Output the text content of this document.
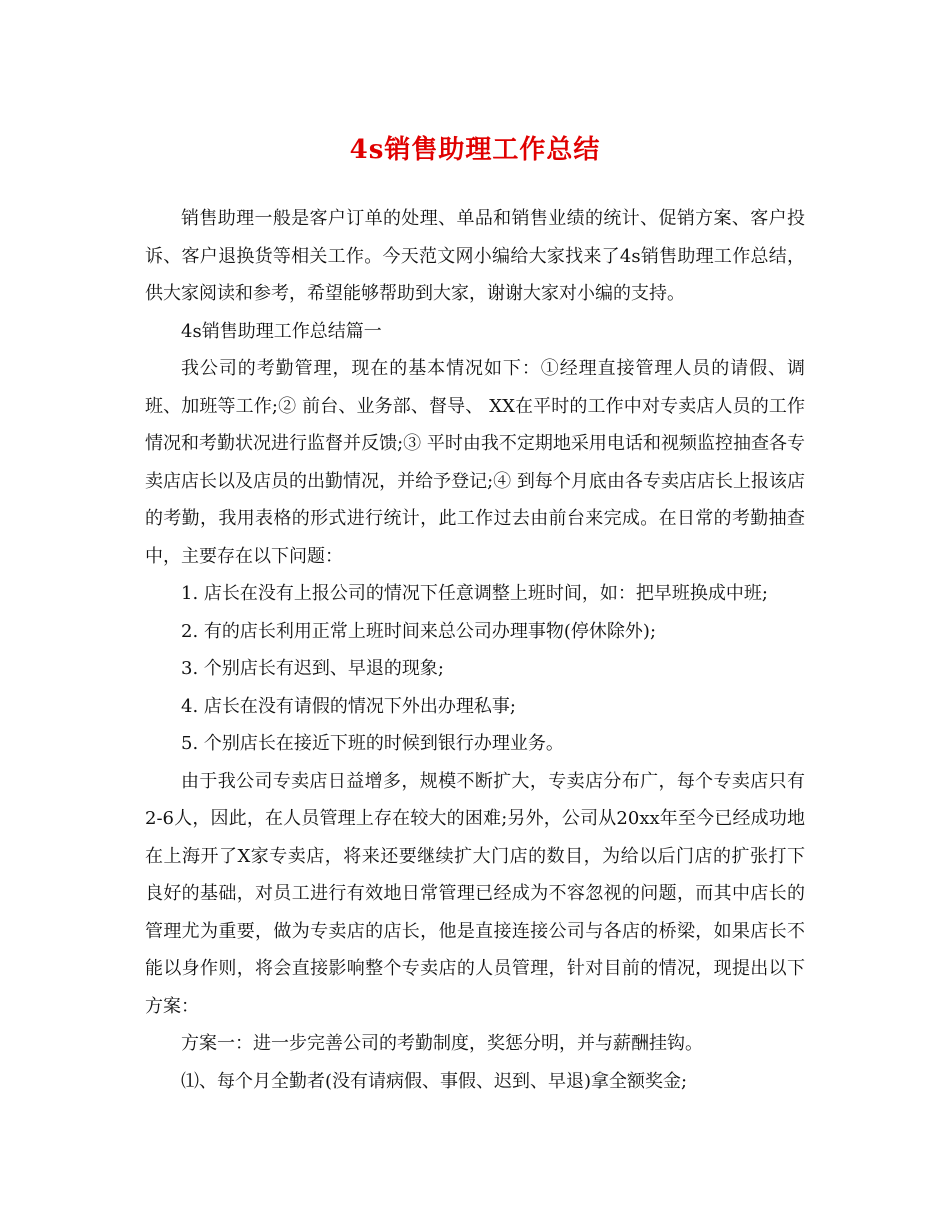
4s销售助理工作总结

销售助理一般是客户订单的处理、单品和销售业绩的统计、促销方案、客户投诉、客户退换货等相关工作。今天范文网小编给大家找来了4s销售助理工作总结，供大家阅读和参考，希望能够帮助到大家，谢谢大家对小编的支持。

4s销售助理工作总结篇一

我公司的考勤管理，现在的基本情况如下：①经理直接管理人员的请假、调班、加班等工作;② 前台、业务部、督导、 XX在平时的工作中对专卖店人员的工作情况和考勤状况进行监督并反馈;③ 平时由我不定期地采用电话和视频监控抽查各专卖店店长以及店员的出勤情况，并给予登记;④ 到每个月底由各专卖店店长上报该店的考勤，我用表格的形式进行统计，此工作过去由前台来完成。在日常的考勤抽查中，主要存在以下问题：

1. 店长在没有上报公司的情况下任意调整上班时间，如：把早班换成中班;

2. 有的店长利用正常上班时间来总公司办理事物(停休除外);

3. 个别店长有迟到、早退的现象;

4. 店长在没有请假的情况下外出办理私事;

5. 个别店长在接近下班的时候到银行办理业务。

由于我公司专卖店日益增多，规模不断扩大，专卖店分布广，每个专卖店只有2-6人，因此，在人员管理上存在较大的困难;另外，公司从20xx年至今已经成功地在上海开了X家专卖店，将来还要继续扩大门店的数目，为给以后门店的扩张打下良好的基础，对员工进行有效地日常管理已经成为不容忽视的问题，而其中店长的管理尤为重要，做为专卖店的店长，他是直接连接公司与各店的桥梁，如果店长不能以身作则，将会直接影响整个专卖店的人员管理，针对目前的情况，现提出以下方案：

方案一：进一步完善公司的考勤制度，奖惩分明，并与薪酬挂钩。

⑴、每个月全勤者(没有请病假、事假、迟到、早退)拿全额奖金;
